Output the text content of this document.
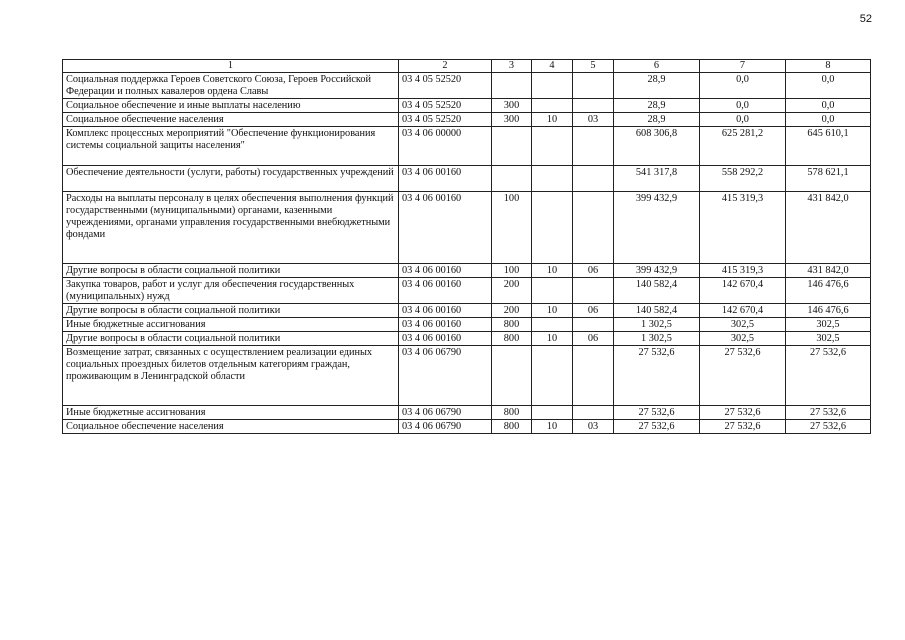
52
1	2	3	4	5	6	7	8
Социальная поддержка Героев Советского Союза, Героев Российской Федерации и полных кавалеров ордена Славы	03 4 05 52520				28,9	0,0	0,0
Социальное обеспечение и иные выплаты населению	03 4 05 52520	300			28,9	0,0	0,0
Социальное обеспечение населения	03 4 05 52520	300	10	03	28,9	0,0	0,0
Комплекс процессных мероприятий "Обеспечение функционирования системы социальной защиты населения"	03 4 06 00000				608 306,8	625 281,2	645 610,1
Обеспечение деятельности (услуги, работы) государственных учреждений	03 4 06 00160				541 317,8	558 292,2	578 621,1
Расходы на выплаты персоналу в целях обеспечения выполнения функций государственными (муниципальными) органами, казенными учреждениями, органами управления государственными внебюджетными фондами	03 4 06 00160	100			399 432,9	415 319,3	431 842,0
Другие вопросы в области социальной политики	03 4 06 00160	100	10	06	399 432,9	415 319,3	431 842,0
Закупка товаров, работ и услуг для обеспечения государственных (муниципальных) нужд	03 4 06 00160	200			140 582,4	142 670,4	146 476,6
Другие вопросы в области социальной политики	03 4 06 00160	200	10	06	140 582,4	142 670,4	146 476,6
Иные бюджетные ассигнования	03 4 06 00160	800			1 302,5	302,5	302,5
Другие вопросы в области социальной политики	03 4 06 00160	800	10	06	1 302,5	302,5	302,5
Возмещение затрат, связанных с осуществлением реализации единых социальных проездных билетов отдельным категориям граждан, проживающим в Ленинградской области	03 4 06 06790				27 532,6	27 532,6	27 532,6
Иные бюджетные ассигнования	03 4 06 06790	800			27 532,6	27 532,6	27 532,6
Социальное обеспечение населения	03 4 06 06790	800	10	03	27 532,6	27 532,6	27 532,6
